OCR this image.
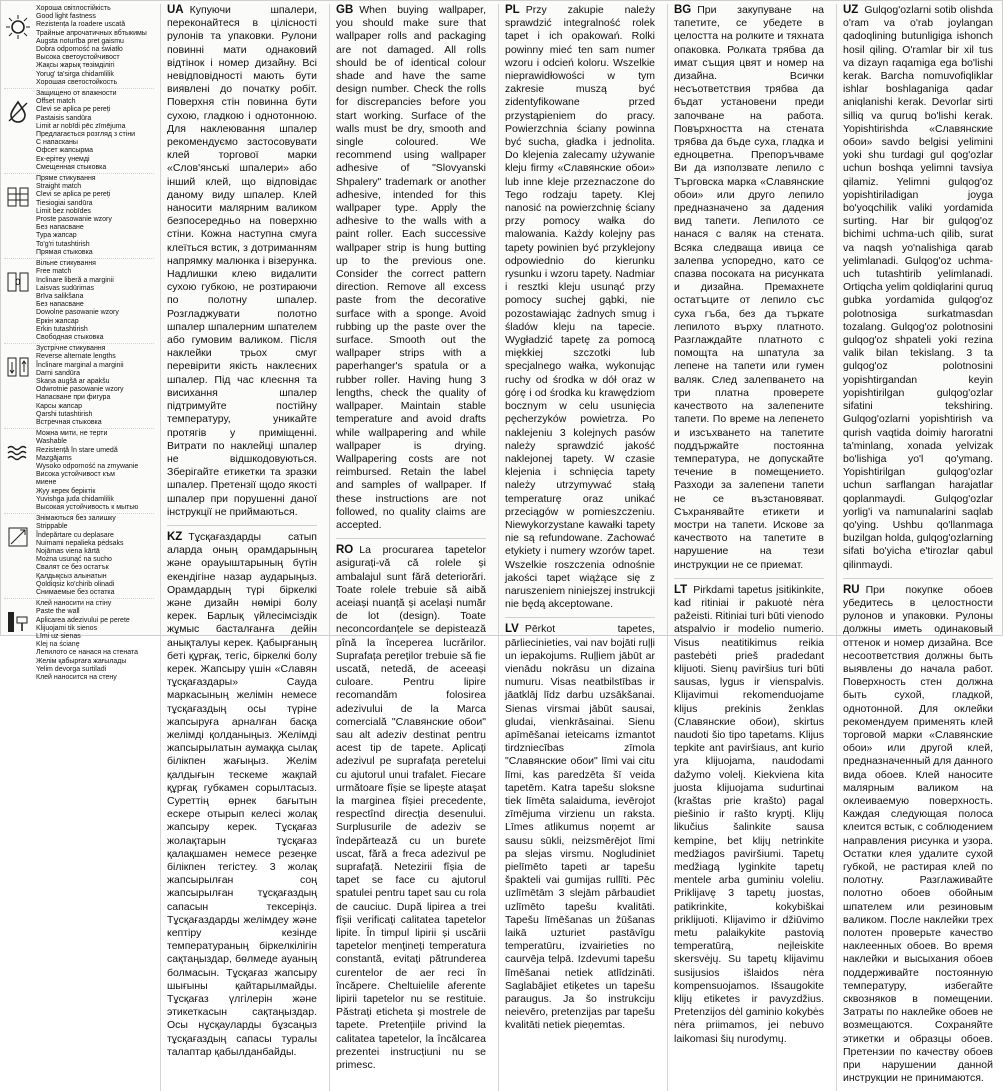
Хорошa світлостійкість
Good light fastness
Rezistența la roadere uscată
Трайные апрочатичных вбтыкимы
Augsta noturība pret gaismu
Dobra odporność na światło
Высока светоустойчивост
Жақсы жарық төзімділігі
Yorug' ta'sirga chidamlilik
Хорошая светостойкость
Защищено от влажности
Offset match
Clevi se aplica pe pereți
Pastaisis sandūra
Limit ar nobīdi pēc zīmējuma
Предлагається розгляд з стіни
С напасканы
Офсет жапсырма
Ек-ерітеу үнемді
Смещенная стыковка
Пряме стикування
Straight match
Clevi se aplica pe pereți
Tiesiogiai sandūra
Limit bez nobīdes
Proste pasowanie wzory
Без напасване
Тура жапсар
To'g'ri tutashtirish
Прямая стыковка
0
Вільне стикування
Free match
Inclinare liberă a marginii
Laisvas sudūrimas
Brīva salikšana
Без напасване
Dowolne pasowanie wzory
Еркін жапсар
Erkin tutashtirish
Свободная стыковка
Зустрічне стикування
Reverse alternate lengths
Înclinare marginal a marginii
Darni sandūra
Skaņa augšā ar apakšu
Odwrotnie pasowanie wzory
Напасване при фигура
Карсы жапсар
Qarshi tutashtirish
Встречная стыковка
Можна мити, не терти
Washable
Rezistență în stare umedă
Mazgājams
Wysoko odporność na zmywanie
Висока устойчивост към
миене
Жуу керек беріктік
Yuvishga juda chidamlilik
Высокая устойчивость к мытью
Знімаються без залишку
Strippable
Îndepărtare cu deplasare
Nuimami nepalieka pėdsaks
Nojāmas viena kārtā
Można usunąć na sucho
Свалят се без остатък
Қалдықсыз алынатын
Qoldiqsiz ko'chirib olinadi
Снимаемые без остатка
Клей наносити на стіну
Paste the wall
Aplicarea adezivului pe perete
Klijuojami tik sienos
Līmi uz sienas
Klej na ścianę
Лепилото се нанася на стената
Желім қабырғаға жағылады
Yelim devorga surtiladi
Клей наносится на стену
UA Купуючи шпалери, переконайтеся в цілісності рулонів та упаковки. Рулони повинні мати однаковий відтінок і номер дизайну. Всі невідповідності мають бути виявлені до початку робіт. Поверхня стін повинна бути сухою, гладкою і однотонною. Для наклеювання шпалер рекомендуємо застосовувати клей торгової марки «Слов'янські шпалери» або інший клей, що відповідає даному виду шпалер. Клей наносити малярним валиком безпосередньо на поверхню стіни. Кожна наступна смуга клеїться встик, з дотриманням напрямку малюнка і візерунка. Надлишки клею видалити сухою губкою, не розтираючи по полотну шпалер. Розгладжувати полотно шпалер шпалерним шпателем або гумовим валиком. Після наклейки трьох смуг перевірити якість наклеєних шпалер. Під час клеєння та висихання шпалер підтримуйте постійну температуру, уникайте протягів у приміщенні. Витрати по наклейці шпалер не відшкодовуються. Зберігайте етикетки та зразки шпалер. Претензії щодо якості шпалер при порушенні даної інструкції не приймаються.
KZ Тұсқағаздарды сатып аларда оның орамдарының және орауыштарының бүтін екендігіне назар аударыңыз. Орамдардың түрі біркелкі және дизайн нөмірі болу керек. Барлық үйлесімсіздік жұмыс басталғанға дейін анықталуы керек. Қабырғаның беті құрғақ, тегіс, біркелкі болу керек. Жапсыру үшін «Славян тұсқағаздары» Сауда маркасының желімін немесе тұсқағаздың осы түріне жапсыруға арналған басқа желімді қолданыңыз. Желімді жапсырылатын аумаққа сылақ білікпен жағыңыз. Желім қалдығын тескеме жақпай құрғақ губкамен сорылтасыз. Суреттің өрнек бағытын ескере отырып келесі жолақ жапсыру керек. Тұсқағаз жолақтарын тұсқағаз қалақшамен немесе резеңке білікпен тегістеу. 3 жолақ жапсырылған соң жапсырылған тұсқағаздың сапасын тексеріңіз. Тұсқағаздарды желімдеу және кептіру кезінде температураның біркелкілігін сақтаңыздар, бөлмеде ауаның болмасын. Тұсқағаз жапсыру шығыны қайтарылмайды. Тұсқағаз үлгілерін және этикеткасын сақтаңыздар. Осы нұсқауларды бұзсаңыз тұсқағаздың сапасы туралы талаптар қабылданбайды.
GB When buying wallpaper, you should make sure that wallpaper rolls and packaging are not damaged. All rolls should be of identical colour shade and have the same design number. Check the rolls for discrepancies before you start working. Surface of the walls must be dry, smooth and single coloured. We recommend using wallpaper adhesive of "Slovyanski Shpalery" trademark or another adhesive, intended for this wallpaper type. Apply the adhesive to the walls with a paint roller. Each successive wallpaper strip is hung butting up to the previous one. Consider the correct pattern direction. Remove all excess paste from the decorative surface with a sponge. Avoid rubbing up the paste over the surface. Smooth out the wallpaper strips with a paperhanger's spatula or a rubber roller. Having hung 3 lengths, check the quality of wallpaper. Maintain stable temperature and avoid drafts while wallpapering and while wallpaper is drying. Wallpapering costs are not reimbursed. Retain the label and samples of wallpaper. If these instructions are not followed, no quality claims are accepted.
RO La procurarea tapetelor asigurați-vă că rolele și ambalajul sunt fără deteriorări. Toate rolele trebuie să aibă aceiași nuanță și același număr de lot (design). Toate neconcordanțele se depistează pînă la începerea lucrărilor. Suprafața pereților trebuie să fie uscată, netedă, de aceeași culoare. Pentru lipire recomandăm folosirea adezivului de la Marca comercială "Славянские обои" sau alt adeziv destinat pentru acest tip de tapete. Aplicați adezivul pe suprafața peretelui cu ajutorul unui trafalet. Fiecare următoare fîșie se lipește ataşat la marginea fîșiei precedente, respectînd direcția desenului. Surplusurile de adeziv se îndepărtează cu un burete uscat, fără a freca adezivul pe suprafață. Netezirii fîșia de tapet se face cu ajutorul spatulei pentru tapet sau cu rola de cauciuc. După lipirea a trei fîșii verificați calitatea tapetelor lipite. În timpul lipirii și uscării tapetelor menţineți temperatura constantă, evitați pătrunderea curentelor de aer reci în încăpere. Cheltuielile aferente lipirii tapetelor nu se restituie. Păstrați eticheta și mostrele de tapete. Pretențiile privind la calitatea tapetelor, la încălcarea prezentei instrucțiuni nu se primesc.
PL Przy zakupie należy sprawdzić integralność rolek tapet i ich opakowań. Rolki powinny mieć ten sam numer wzoru i odcień koloru. Wszelkie nieprawidłowości w tym zakresie muszą być zidentyfikowane przed przystąpieniem do pracy. Powierzchnia ściany powinna być sucha, gładka i jednolita. Do klejenia zalecamy używanie kleju firmy «Славянские обои» lub inne kleje przeznaczone do Tego rodzaju tapety. Klej nanosić na powierzchnię ściany przy pomocy wałka do malowania. Każdy kolejny pas tapety powinien być przyklejony odpowiednio do kierunku rysunku i wzoru tapety. Nadmiar i resztki kleju usunąć przy pomocy suchej gąbki, nie pozostawiając żadnych smug i śladów kleju na tapecie. Wygładzić tapetę za pomocą miękkiej szczotki lub specjalnego wałka, wykonując ruchy od środka w dół oraz w górę i od środka ku krawędziom bocznym w celu usunięcia pęcherzyków powietrza. Po naklejeniu 3 kolejnych pasów należy sprawdzić jakość naklejonej tapety. W czasie klejenia i schnięcia tapety należy utrzymywać stałą temperaturę oraz unikać przeciągów w pomieszczeniu. Niewykorzystane kawałki tapety nie są refundowane. Zachować etykiety i numery wzorów tapet. Wszelkie roszczenia odnośnie jakości tapet wiążące się z naruszeniem niniejszej instrukcji nie będą akceptowane.
LV Pērkot tapetes, pārliecinieties, vai nav bojāti ruļļi un iepakojums. Ruļļiem jābūt ar vienādu nokrāsu un dizaina numuru. Visas neatbilstības ir jāatklāj līdz darbu uzsākšanai. Sienas virsmai jābūt sausai, gludai, vienkrāsainai. Sienu apīmēšanai ieteicams izmantot tirdzniecības zīmola "Славянские обои" līmi vai citu līmi, kas paredzēta šī veida tapetēm. Katra tapešu sloksne tiek līmēta salaiduma, ievērojot zīmējuma virzienu un raksta. Līmes atlikumus noņemt ar sausu sūkli, neizsmērējot līmi pa slejas virsmu. Nogludiniet pielīmēto tapeti ar tapešu špakteli vai gumijas rullīti. Pēc uzlīmētām 3 slejām pārbaudiet uzlīmēto tapešu kvalitāti. Tapešu līmēšanas un žūšanas laikā uzturiet pastāvīgu temperatūru, izvairieties no caurvēja telpā. Izdevumi tapešu līmēšanai netiek atlīdzināti. Saglabājiet etiķetes un tapešu paraugus. Ja šo instrukciju neievēro, pretenzijas par tapešu kvalitāti netiek pieņemtas.
BG При закупуване на тапетите, се убедете в целостта на ролките и тяхната опаковка. Ролката трябва да имат същия цвят и номер на дизайна. Всички несъответствия трябва да бъдат установени преди започване на работа. Повърхността на стената трябва да бъде суха, гладка и едноцветна. Препоръчваме Ви да използвате лепило с Търговска марка «Славянские обои» или друго лепило предназначено за дадения вид тапети. Лепилото се нанася с валяк на стената. Всяка следваща ивица се залепва успоредно, като се спазва посоката на рисунката и дизайна. Премахнете остатъците от лепило със суха гъба, без да търкате лепилото върху платното. Разглаждайте платното с помощта на шпатула за лепене на тапети или гумен валяк. След залепването на три платна проверете качеството на залепените тапети. По време на лепенето и изсъхването на тапетите поддържайте постоянна температура, не допускайте течение в помещението. Разходи за залепени тапети не се възстановяват. Съхранявайте етикети и мостри на тапети. Искове за качеството на тапетите в нарушение на тези инструкции не се приемат.
LT Pirkdami tapetus įsitikinkite, kad ritiniai ir pakuotė nėra pažeisti. Ritiniai turi būti vienodo atspalvio ir modelio numerio. Visus neatitikimus reikia pastebėti prieš pradedant klijuoti. Sienų paviršius turi būti sausas, lygus ir vienspalvis. Klijavimui rekomenduojame klijus prekinis ženklas (Славянские обои), skirtus naudoti šio tipo tapetams. Klijus tepkite ant paviršiaus, ant kurio yra klijuojama, naudodami dažymo volelį. Kiekviena kita juosta klijuojama sudurtinai (kraštas prie krašto) pagal piešinio ir rašto kryptį. Klijų likučius šalinkite sausa kempine, bet klijų netrinkite medžiagos paviršiumi. Tapetų medžiagą lyginkite tapetų mentele arba guminiu voleliu. Priklijavę 3 tapetų juostas, patikrinkite, kokybiškai priklijuoti. Klijavimo ir džiūvimo metu palaikykite pastovią temperatūrą, neįleiskite skersvėjų. Su tapetų klijavimu susijusios išlaidos nėra kompensuojamos. Išsaugokite klijų etiketes ir pavyzdžius. Pretenzijos dėl gaminio kokybės nėra priimamos, jei nebuvo laikomasi šių nurodymų.
UZ Gulqog'ozlarni sotib olishda o'ram va o'rab joylangan qadoqlining butunligiga ishonch hosil qiling. O'ramlar bir xil tus va dizayn raqamiga ega bo'lishi kerak. Barcha nomuvofiqliklar ishlar boshlaganiga qadar aniqlanishi kerak. Devorlar sirti silliq va quruq bo'lishi kerak. Yopishtirishda «Славянские обои» savdo belgisi yelimini yoki shu turdagi gul qog'ozlar uchun boshqa yelimni tavsiya qilamiz. Yelimni gulqog'oz yopishtiriladigan joyga bo'yoqchilik valiki yordamida surting. Har bir gulqog'oz bichimi uchma-uch qilib, surat va naqsh yo'nalishiga qarab yelimlanadi. Gulqog'oz uchma-uch tutashtirib yelimlanadi. Ortiqcha yelim qoldiqlarini quruq gubka yordamida gulqog'oz polotnosiga surkatmasdan tozalang. Gulqog'oz polotnosini gulqog'oz shpateli yoki rezina valik bilan tekislang. 3 ta gulqog'oz polotnosini yopishtirgandan keyin yopishtirilgan gulqog'ozlar sifatini tekshiring. Gulqog'ozlarni yopishtirish va qurish vaqtida doimiy haroratni ta'minlang, xonada yelvizak bo'lishiga yo'l qo'ymang. Yopishtirilgan gulqog'ozlar uchun sarflangan harajatlar qoplanmaydi. Gulqog'ozlar yorlig'i va namunalarini saqlab qo'ying. Ushbu qo'llanmaga buzilgan holda, gulqog'ozlarning sifati bo'yicha e'tirozlar qabul qilinmaydi.
RU При покупке обоев убедитесь в целостности рулонов и упаковки. Рулоны должны иметь одинаковый оттенок и номер дизайна. Все несоответствия должны быть выявлены до начала работ. Поверхность стен должна быть сухой, гладкой, однотонной. Для оклейки рекомендуем применять клей торговой марки «Славянские обои» или другой клей, предназначенный для данного вида обоев. Клей наносите малярным валиком на оклеиваемую поверхность. Каждая следующая полоса клеится встык, с соблюдением направления рисунка и узора. Остатки клея удалите сухой губкой, не растирая клей по полотну. Разглаживайте полотно обоев обойным шпателем или резиновым валиком. После наклейки трех полотен проверьте качество наклеенных обоев. Во время наклейки и высыхания обоев поддерживайте постоянную температуру, избегайте сквозняков в помещении. Затраты по наклейке обоев не возмещаются. Сохраняйте этикетки и образцы обоев. Претензии по качеству обоев при нарушении данной инструкции не принимаются.
